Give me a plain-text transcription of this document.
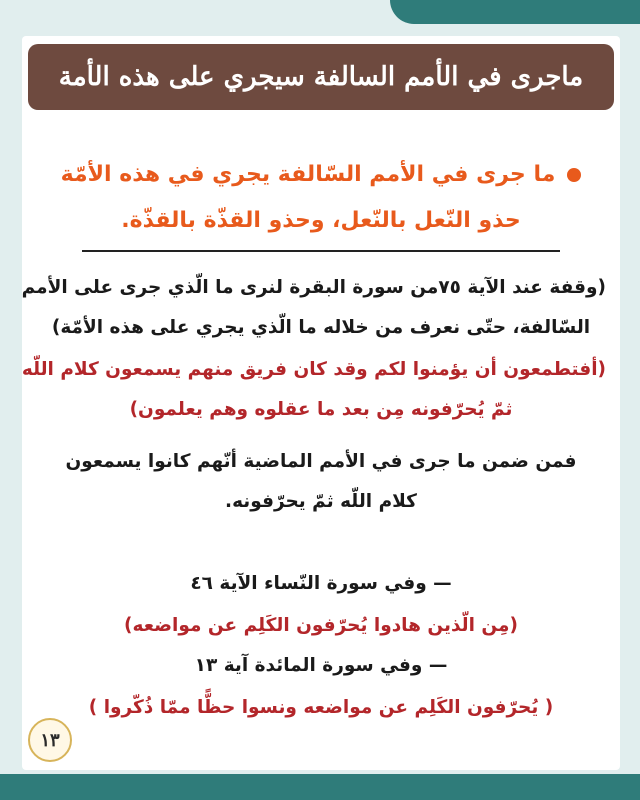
ماجرى في الأمم السالفة سيجري على هذه الأمة
ما جرى في الأمم السّالفة يجري في هذه الأمّة
حذو النّعل بالنّعل، وحذو القذّة بالقذّة.
(وقفة عند الآية ٧٥من سورة البقرة لنرى ما الّذي جرى على الأمم
السّالفة، حتّى نعرف من خلاله ما الّذي يجري على هذه الأمّة)
(أفتطمعون أن يؤمنوا لكم وقد كان فريق منهم يسمعون كلام اللّه
ثمّ يُحرّفونه مِن بعد ما عقلوه وهم يعلمون)
فمن ضمن ما جرى في الأمم الماضية أنّهم كانوا يسمعون
كلام اللّه ثمّ يحرّفونه.
— وفي سورة النّساء الآية ٤٦
(مِن الّذين هادوا يُحرّفون الكَلِم عن مواضعه)
— وفي سورة المائدة آية ١٣
( يُحرّفون الكَلِم عن مواضعه ونسوا حظًّا ممّا ذُكّروا )
١٣
